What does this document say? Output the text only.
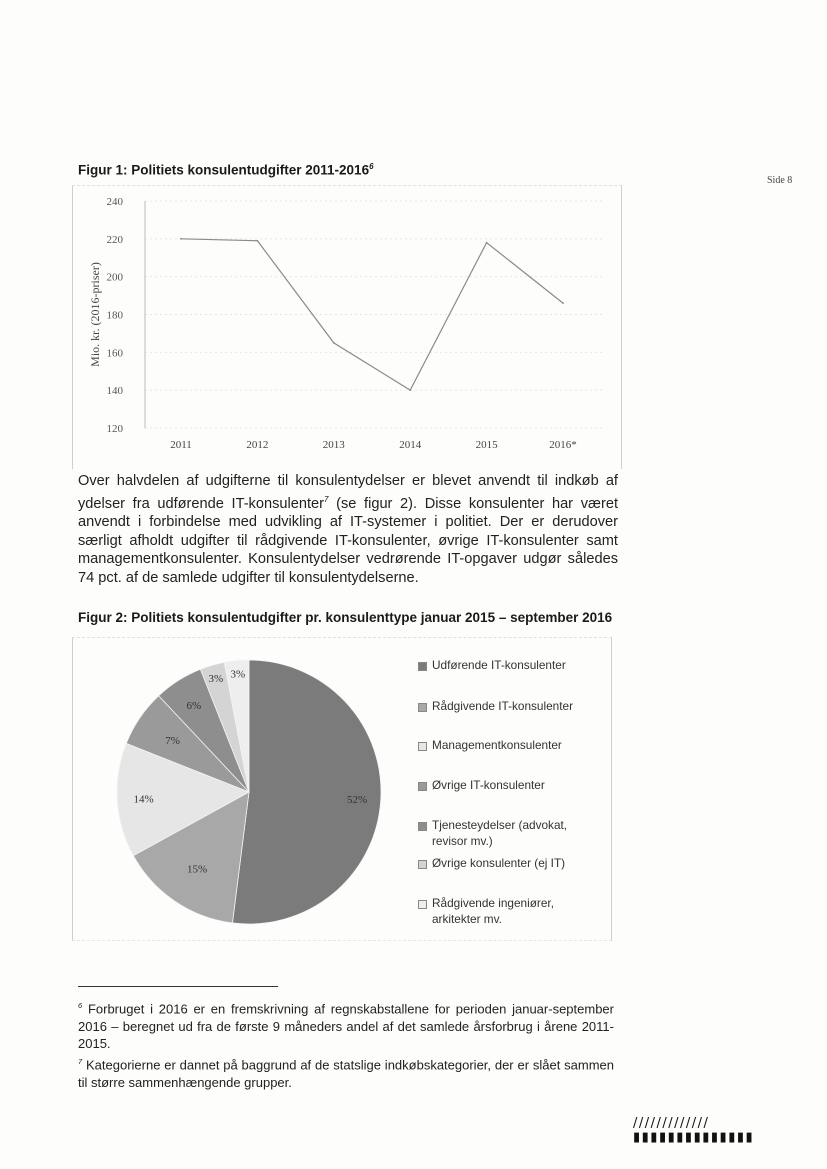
Side 8
Figur 1: Politiets konsulentudgifter 2011-2016$^6$
120
140
160
180
200
220
240
2011	2012	2013	2014	2015	2016*
Mio. kr. (2016-priser)

Over halvdelen af udgifterne til konsulentydelser er blevet anvendt til indkøb af ydelser fra udførende IT-konsulenter$^7$ (se figur 2). Disse konsulenter har været anvendt i forbindelse med udvikling af IT-systemer i politiet. Der er derudover særligt afholdt udgifter til rådgivende IT-konsulenter, øvrige IT-konsulenter samt managementkonsulenter. Konsulentydelser vedrørende IT-opgaver udgør således 74 pct. af de samlede udgifter til konsulentydelserne.

Figur 2: Politiets konsulentudgifter pr. konsulenttype januar 2015 – september 2016
52%
15%
14%
7%
6%
3% 3%
Udførende IT-konsulenter
Rådgivende IT-konsulenter
Managementkonsulenter
Øvrige IT-konsulenter
Tjenesteydelser (advokat, revisor mv.)
Øvrige konsulenter (ej IT)
Rådgivende ingeniører, arkitekter mv.

$^6$ Forbruget i 2016 er en fremskrivning af regnskabstallene for perioden januar-september 2016 – beregnet ud fra de første 9 måneders andel af det samlede årsforbrug i årene 2011-2015.

$^7$ Kategorierne er dannet på baggrund af de statslige indkøbskategorier, der er slået sammen til større sammenhængende grupper.

/////////////
▮▮▮▮▮▮▮▮▮▮▮▮▮▮
